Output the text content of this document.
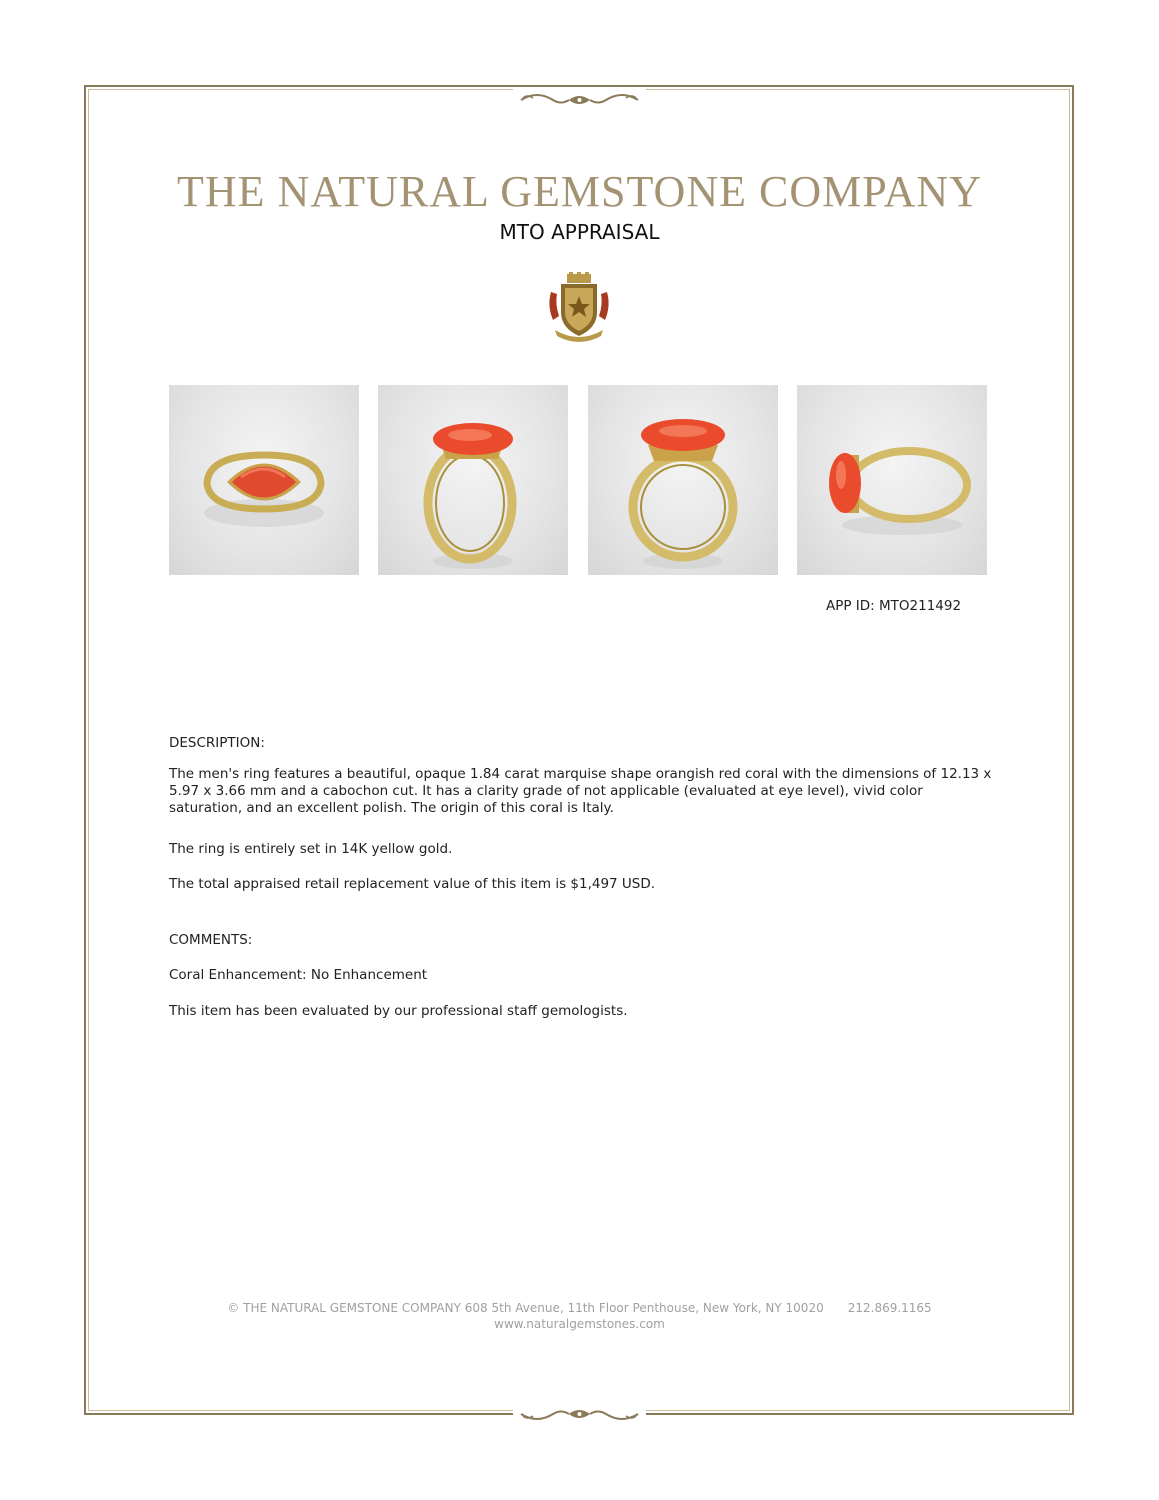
THE NATURAL GEMSTONE COMPANY
MTO APPRAISAL
APP ID: MTO211492
DESCRIPTION:
The men's ring features a beautiful, opaque 1.84 carat marquise shape orangish red coral with the dimensions of 12.13 x 5.97 x 3.66 mm and a cabochon cut. It has a clarity grade of not applicable (evaluated at eye level), vivid color saturation, and an excellent polish. The origin of this coral is Italy.
The ring is entirely set in 14K yellow gold.
The total appraised retail replacement value of this item is $1,497 USD.
COMMENTS:
Coral Enhancement: No Enhancement
This item has been evaluated by our professional staff gemologists.
© THE NATURAL GEMSTONE COMPANY 608 5th Avenue, 11th Floor Penthouse, New York, NY 10020 212.869.1165
www.naturalgemstones.com
